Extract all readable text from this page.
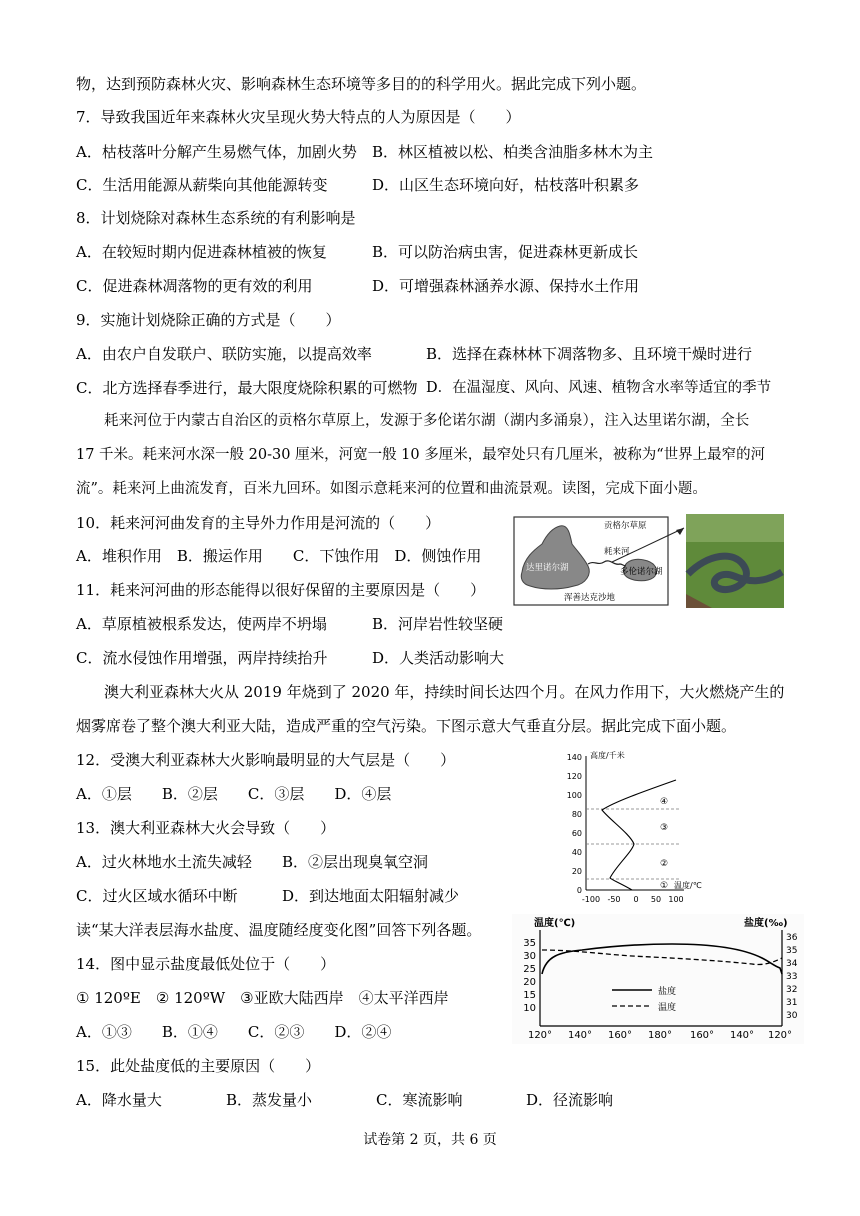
物，达到预防森林火灾、影响森林生态环境等多目的的科学用火。据此完成下列小题。
7．导致我国近年来森林火灾呈现火势大特点的人为原因是（　　）
A．枯枝落叶分解产生易燃气体，加剧火势 B．林区植被以松、柏类含油脂多林木为主
C．生活用能源从薪柴向其他能源转变	D．山区生态环境向好，枯枝落叶积累多
8．计划烧除对森林生态系统的有利影响是
A．在较短时期内促进森林植被的恢复	B．可以防治病虫害，促进森林更新成长
C．促进森林凋落物的更有效的利用	D．可增强森林涵养水源、保持水土作用
9．实施计划烧除正确的方式是（　　）
A．由农户自发联户、联防实施，以提高效率	B．选择在森林林下凋落物多、且环境干燥时进行
C．北方选择春季进行，最大限度烧除积累的可燃物 D．在温湿度、风向、风速、植物含水率等适宜的季节
耗来河位于内蒙古自治区的贡格尔草原上，发源于多伦诺尔湖（湖内多涌泉），注入达里诺尔湖，全长
17 千米。耗来河水深一般 20-30 厘米，河宽一般 10 多厘米，最窄处只有几厘米，被称为“世界上最窄的河
流”。耗来河上曲流发育，百米九回环。如图示意耗来河的位置和曲流景观。读图，完成下面小题。
10．耗来河河曲发育的主导外力作用是河流的（　　）
A．堆积作用　B．搬运作用　　C．下蚀作用　D．侧蚀作用
11．耗来河河曲的形态能得以很好保留的主要原因是（　　）
A．草原植被根系发达，使两岸不坍塌	B．河岸岩性较坚硬
C．流水侵蚀作用增强，两岸持续抬升	D．人类活动影响大
贡格尔草原
耗来河
达里诺尔湖	多伦诺尔湖
浑善达克沙地
澳大利亚森林大火从 2019 年烧到了 2020 年，持续时间长达四个月。在风力作用下，大火燃烧产生的
烟雾席卷了整个澳大利亚大陆，造成严重的空气污染。下图示意大气垂直分层。据此完成下面小题。
12．受澳大利亚森林大火影响最明显的大气层是（　　）
A．①层　　B．②层　　C．③层　　D．④层
13．澳大利亚森林大火会导致（　　）
A．过火林地水土流失减轻 B．②层出现臭氧空洞
C．过火区域水循环中断	D．到达地面太阳辐射减少
高度/千米
0
20
40
60
80
100
120
140
-100 -50 0 50 100
①
②
③
④
温度/℃
读“某大洋表层海水盐度、温度随经度变化图”回答下列各题。
14．图中显示盐度最低处位于（　　）
① 120ºE　② 120ºW　③亚欧大陆西岸　④太平洋西岸
A．①③　　B．①④　　C．②③　　D．②④
15．此处盐度低的主要原因（　　）
A．降水量大	B．蒸发量小	C．寒流影响	D．径流影响
温度(℃)	盐度(‰)
10
15
20
25
30
35
30
31
32
33
34
35
36
120° 140° 160° 180° 160° 140° 120°
盐度
温度
试卷第 2 页，共 6 页
